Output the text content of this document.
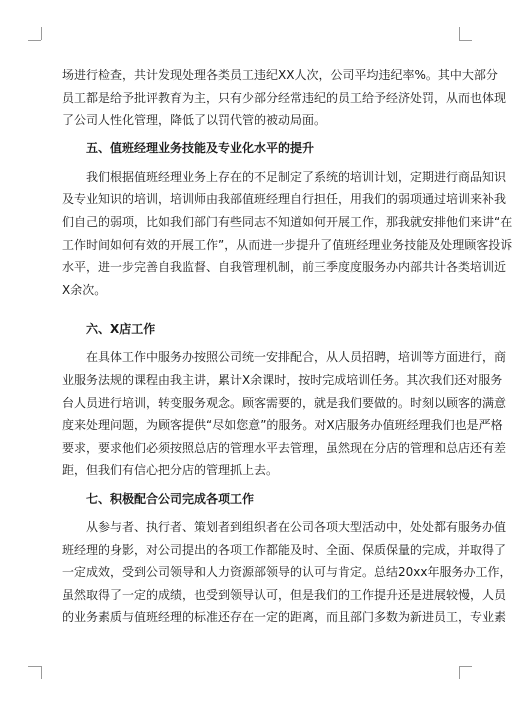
场进行检查，共计发现处理各类员工违纪XX人次，公司平均违纪率%。其中大部分
员工都是给予批评教育为主，只有少部分经常违纪的员工给予经济处罚，从而也体现
了公司人性化管理，降低了以罚代管的被动局面。

五、值班经理业务技能及专业化水平的提升

我们根据值班经理业务上存在的不足制定了系统的培训计划，定期进行商品知识
及专业知识的培训，培训师由我部值班经理自行担任，用我们的弱项通过培训来补我
们自己的弱项，比如我们部门有些同志不知道如何开展工作，那我就安排他们来讲“在
工作时间如何有效的开展工作”，从而进一步提升了值班经理业务技能及处理顾客投诉
水平，进一步完善自我监督、自我管理机制，前三季度度服务办内部共计各类培训近
X余次。

六、X店工作

在具体工作中服务办按照公司统一安排配合，从人员招聘，培训等方面进行，商
业服务法规的课程由我主讲，累计X余课时，按时完成培训任务。其次我们还对服务
台人员进行培训，转变服务观念。顾客需要的，就是我们要做的。时刻以顾客的满意
度来处理问题，为顾客提供“尽如您意”的服务。对X店服务办值班经理我们也是严格
要求，要求他们必须按照总店的管理水平去管理，虽然现在分店的管理和总店还有差
距，但我们有信心把分店的管理抓上去。

七、积极配合公司完成各项工作

从参与者、执行者、策划者到组织者在公司各项大型活动中，处处都有服务办值
班经理的身影，对公司提出的各项工作都能及时、全面、保质保量的完成，并取得了
一定成效，受到公司领导和人力资源部领导的认可与肯定。总结20xx年服务办工作，
虽然取得了一定的成绩，也受到领导认可，但是我们的工作提升还是进展较慢，人员
的业务素质与值班经理的标准还存在一定的距离，而且部门多数为新进员工，专业素
